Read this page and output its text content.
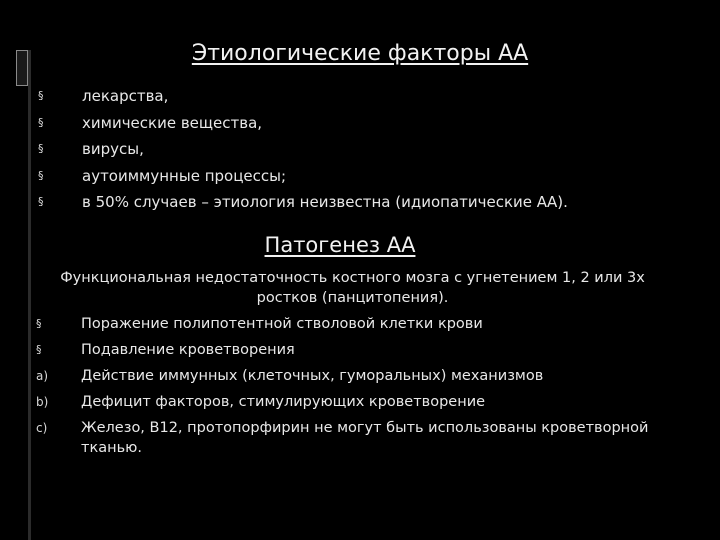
Этиологические факторы АА
§	лекарства,
§	химические вещества,
§	вирусы,
§	аутоиммунные процессы;
§	в 50% случаев – этиология неизвестна (идиопатические АА).
Патогенез АА

Функциональная недостаточность костного мозга с угнетением 1, 2 или 3х ростков (панцитопения).

§	Поражение полипотентной стволовой клетки крови
§	Подавление кроветворения
a) Действие иммунных (клеточных, гуморальных) механизмов
b) Дефицит факторов, стимулирующих кроветворение
c) Железо, В12, протопорфирин не могут быть использованы кроветворной тканью.
